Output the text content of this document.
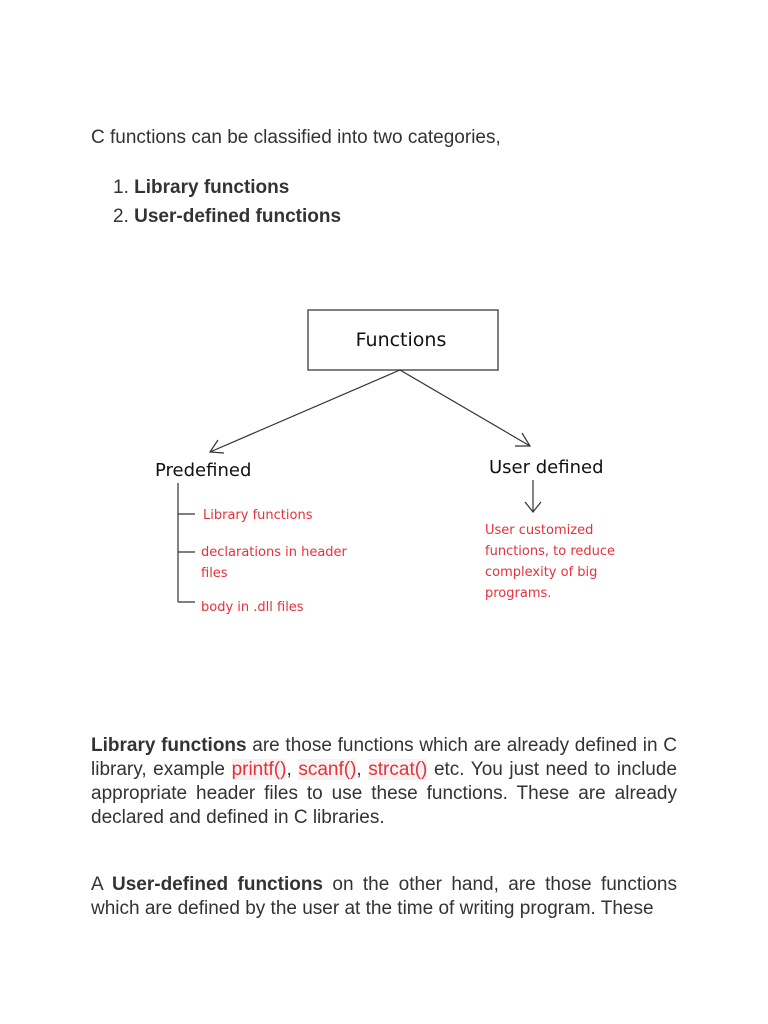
C functions can be classified into two categories,

1. Library functions
2. User-defined functions
Functions
Predefined	User defined
Library functions
declarations in header
files
body in .dll files
User customized
functions, to reduce
complexity of big
programs.

Library functions are those functions which are already defined in C library, example printf(), scanf(), strcat() etc. You just need to include appropriate header files to use these functions. These are already declared and defined in C libraries.

A User-defined functions on the other hand, are those functions which are defined by the user at the time of writing program. These
